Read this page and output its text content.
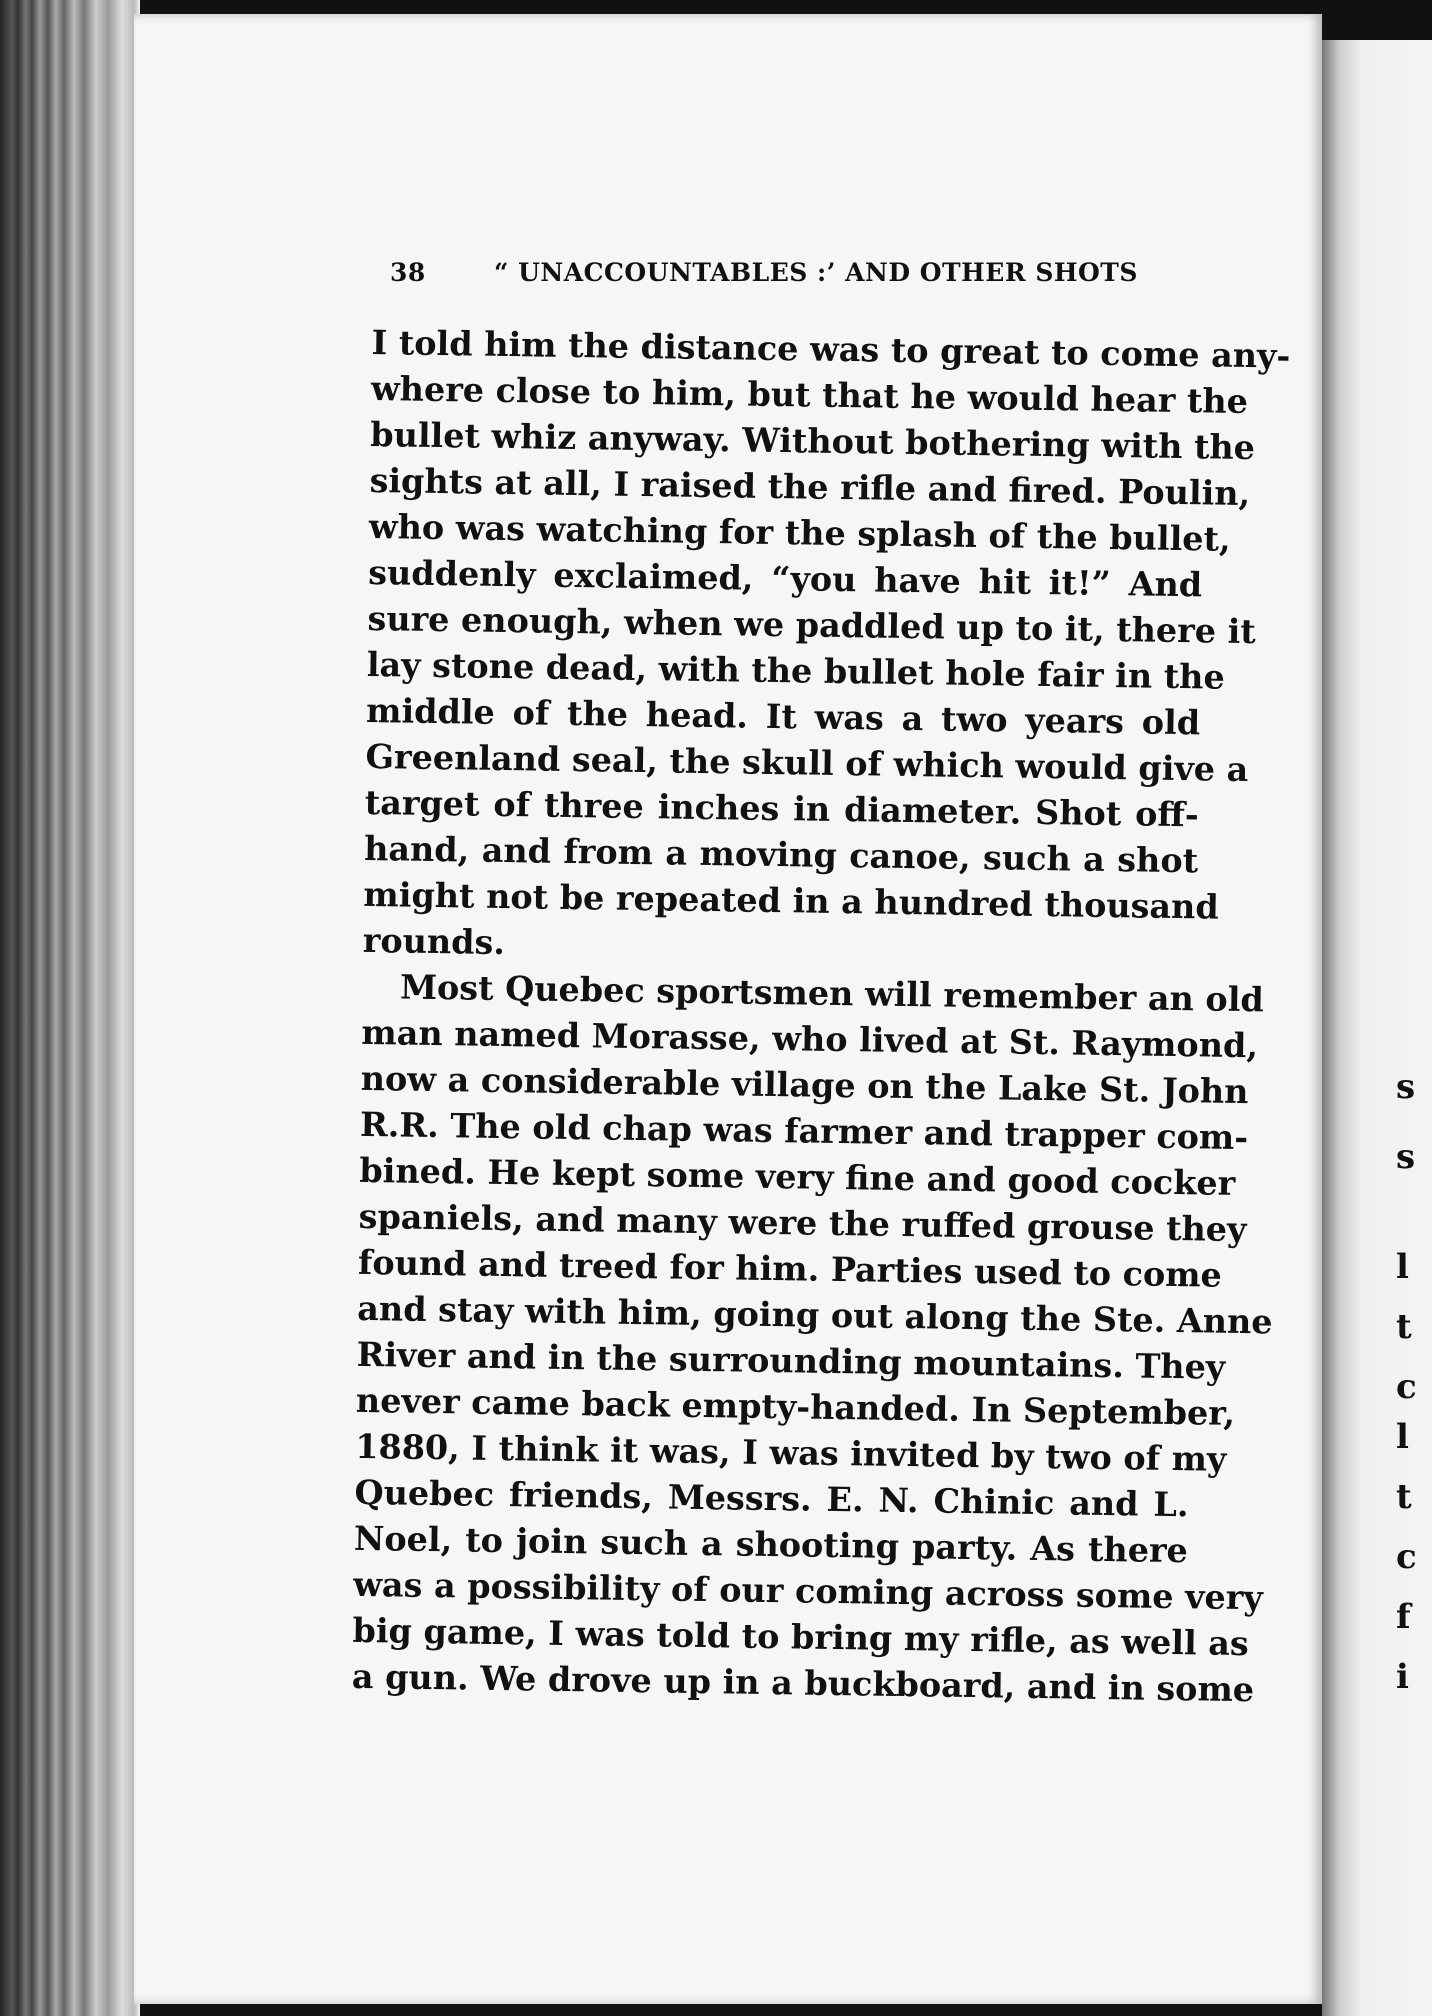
s
s
l
t
c
l
t
c
f
i
38	“ UNACCOUNTABLES :’ AND OTHER SHOTS
I told him the distance was to great to come any-
where close to him, but that he would hear the
bullet whiz anyway. Without bothering with the
sights at all, I raised the rifle and fired. Poulin,
who was watching for the splash of the bullet,
suddenly exclaimed, “you have hit it!” And
sure enough, when we paddled up to it, there it
lay stone dead, with the bullet hole fair in the
middle of the head. It was a two years old
Greenland seal, the skull of which would give a
target of three inches in diameter. Shot off-
hand, and from a moving canoe, such a shot
might not be repeated in a hundred thousand
rounds.
Most Quebec sportsmen will remember an old
man named Morasse, who lived at St. Raymond,
now a considerable village on the Lake St. John
R.R. The old chap was farmer and trapper com-
bined. He kept some very fine and good cocker
spaniels, and many were the ruffed grouse they
found and treed for him. Parties used to come
and stay with him, going out along the Ste. Anne
River and in the surrounding mountains. They
never came back empty-handed. In September,
1880, I think it was, I was invited by two of my
Quebec friends, Messrs. E. N. Chinic and L.
Noel, to join such a shooting party. As there
was a possibility of our coming across some very
big game, I was told to bring my rifle, as well as
a gun. We drove up in a buckboard, and in some
